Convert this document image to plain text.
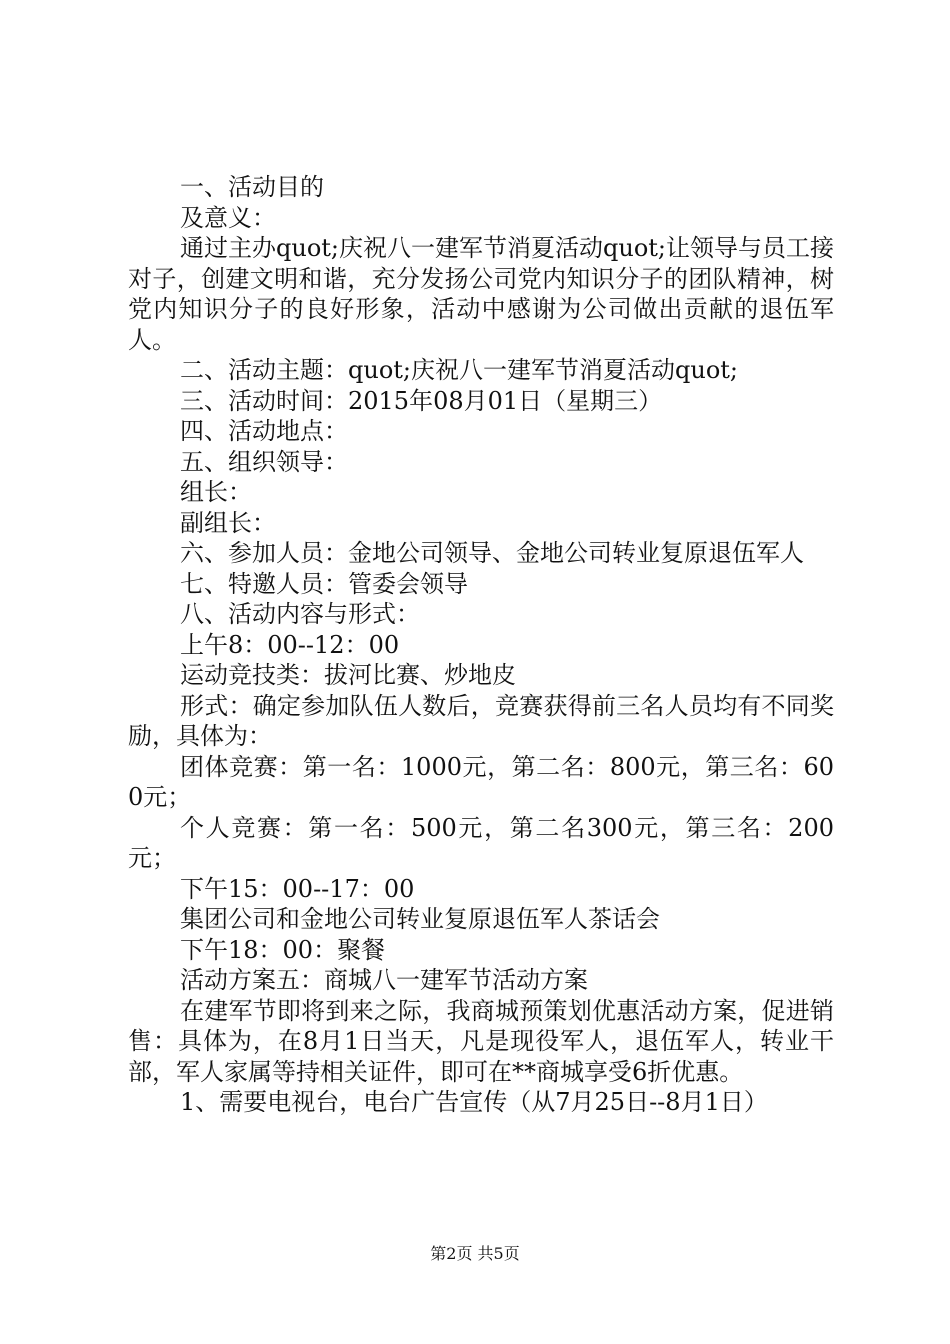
一、活动目的

及意义：

通过主办quot;庆祝八一建军节消夏活动quot;让领导与员工接对子，创建文明和谐，充分发扬公司党内知识分子的团队精神，树党内知识分子的良好形象，活动中感谢为公司做出贡献的退伍军人。

二、活动主题：quot;庆祝八一建军节消夏活动quot;

三、活动时间：2015年08月01日（星期三）

四、活动地点：

五、组织领导：

组长：

副组长：

六、参加人员：金地公司领导、金地公司转业复原退伍军人

七、特邀人员：管委会领导

八、活动内容与形式：

上午8：00--12：00

运动竞技类：拔河比赛、炒地皮

形式：确定参加队伍人数后，竞赛获得前三名人员均有不同奖励，具体为：

团体竞赛：第一名：1000元，第二名：800元，第三名：600元；

个人竞赛：第一名：500元，第二名300元，第三名：200元；

下午15：00--17：00

集团公司和金地公司转业复原退伍军人茶话会

下午18：00：聚餐

活动方案五：商城八一建军节活动方案

在建军节即将到来之际，我商城预策划优惠活动方案，促进销售：具体为，在8月1日当天，凡是现役军人，退伍军人，转业干部，军人家属等持相关证件，即可在**商城享受6折优惠。

1、需要电视台，电台广告宣传（从7月25日--8月1日）

第2页 共5页
